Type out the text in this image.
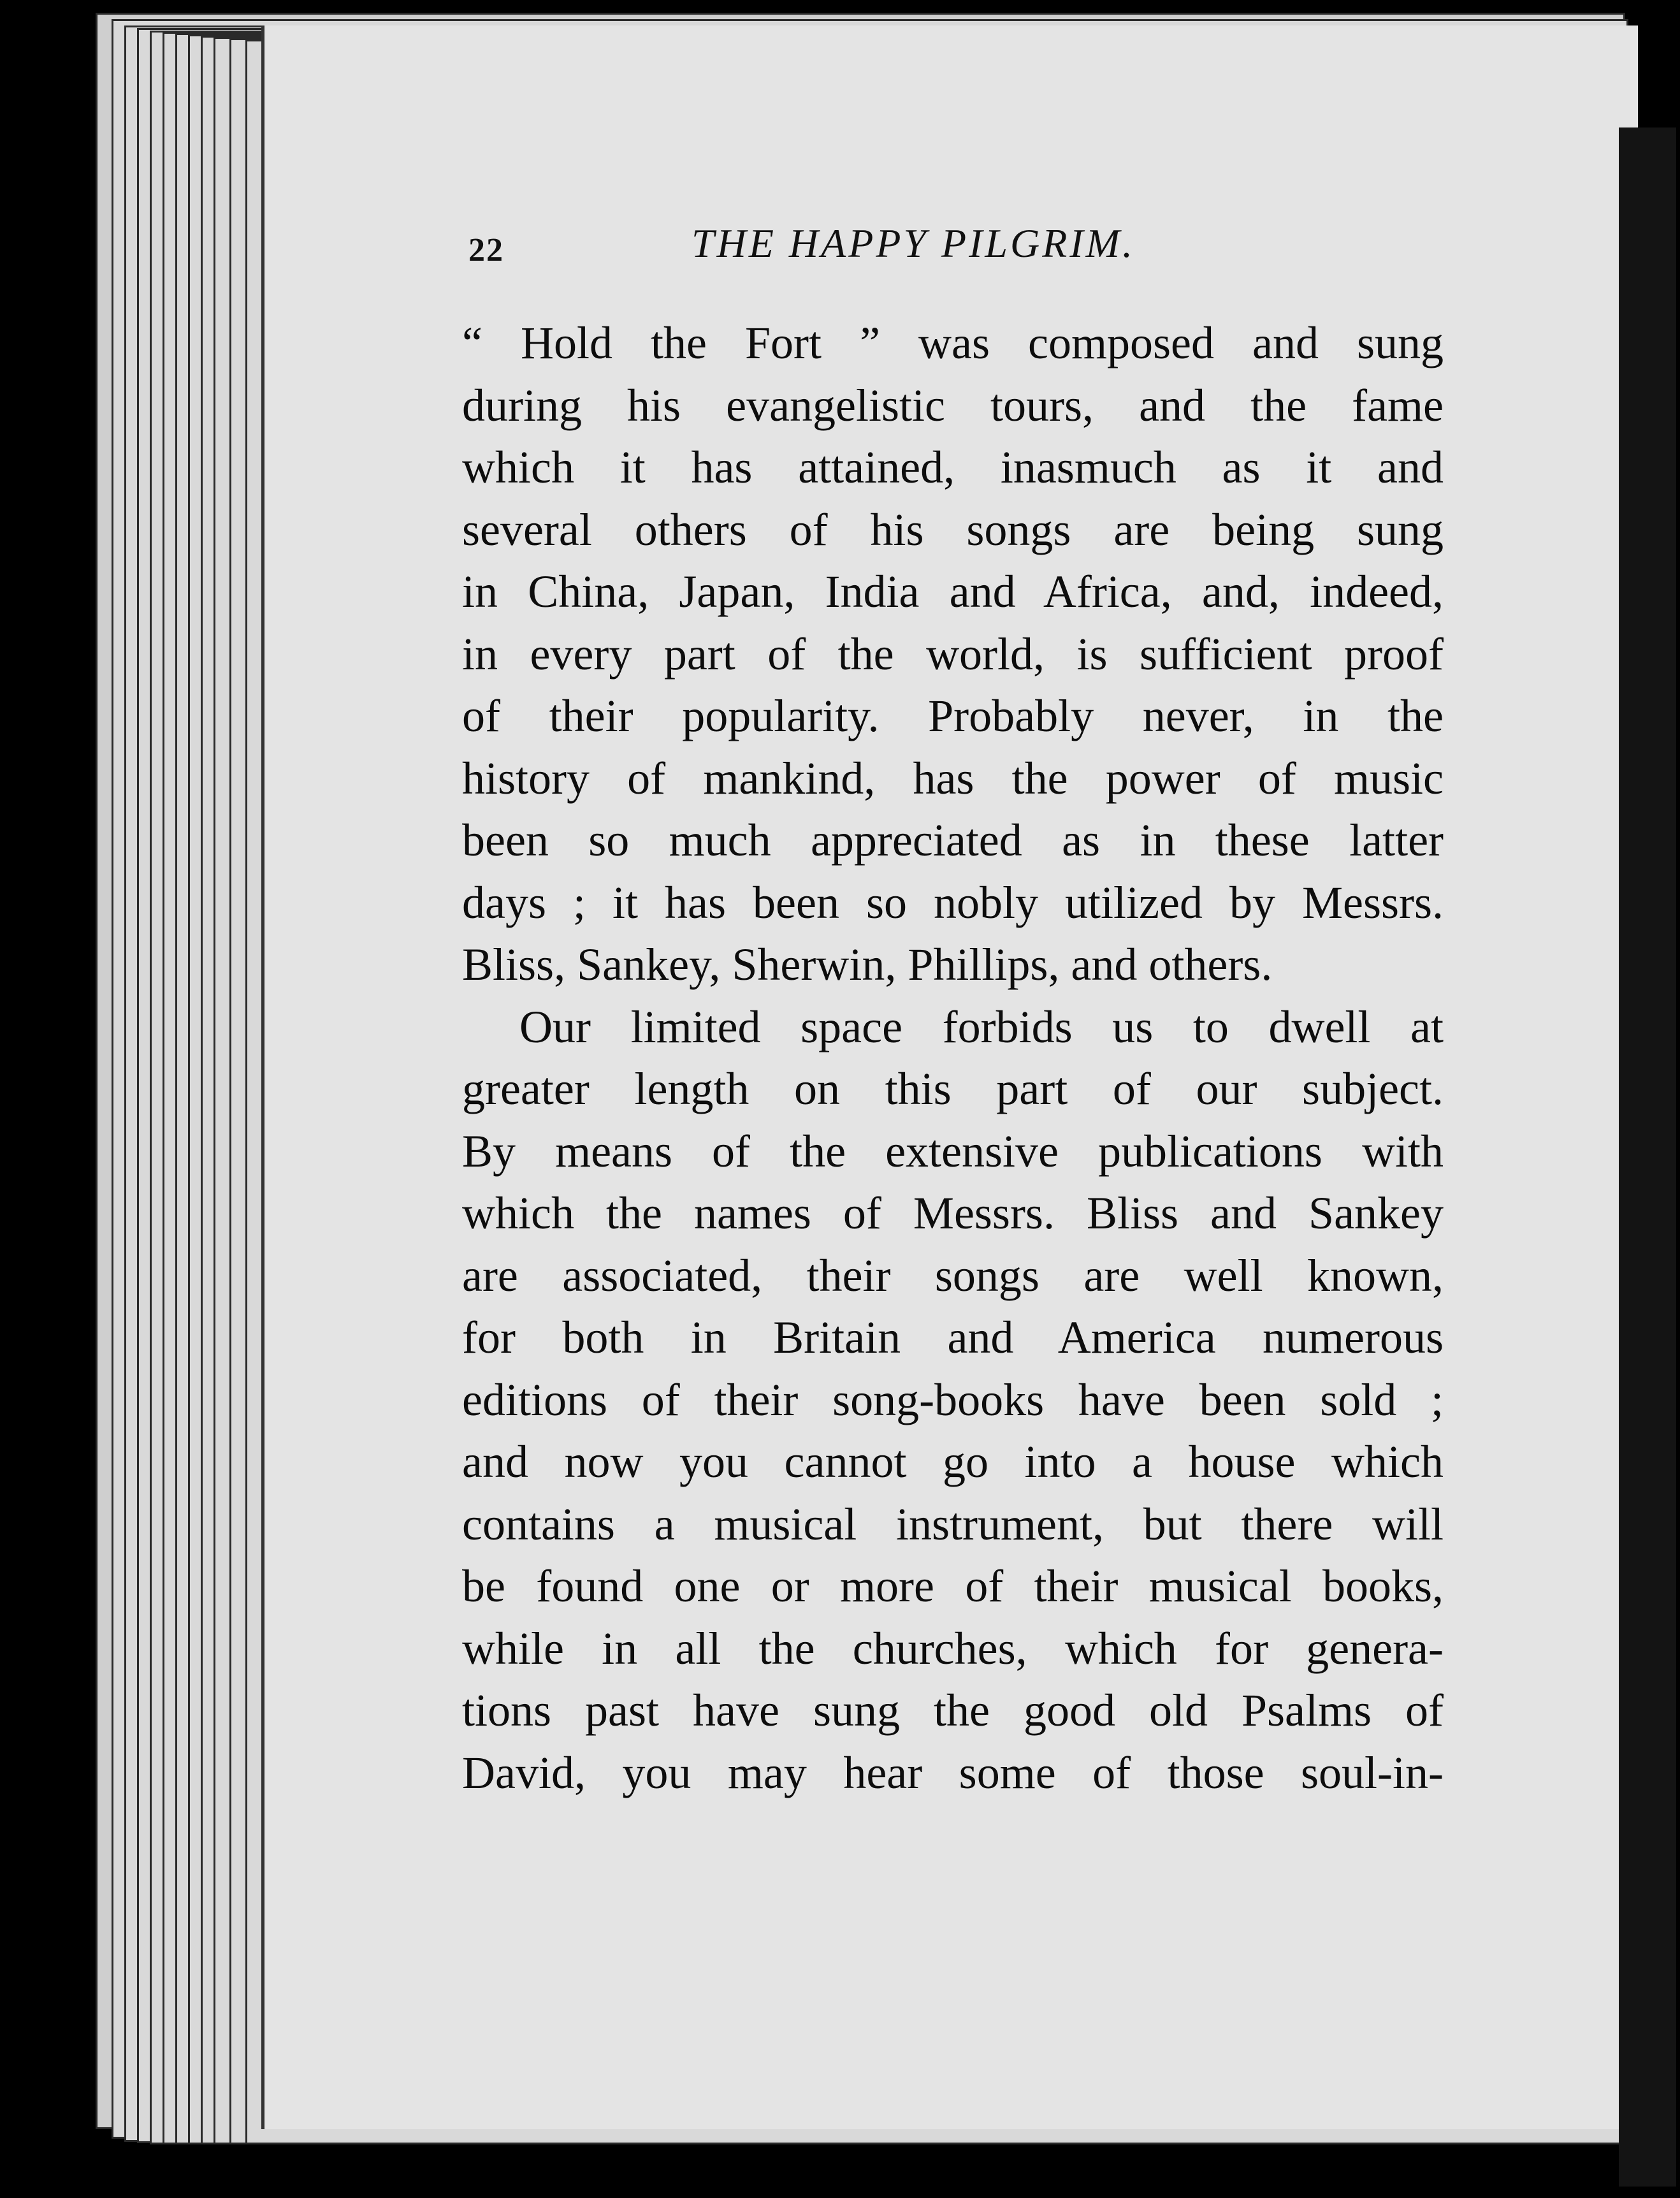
22	THE HAPPY PILGRIM.
“ Hold the Fort ” was composed and sung
during his evangelistic tours, and the fame
which it has attained, inasmuch as it and
several others of his songs are being sung
in China, Japan, India and Africa, and, indeed,
in every part of the world, is sufficient proof
of their popularity. Probably never, in the
history of mankind, has the power of music
been so much appreciated as in these latter
days ; it has been so nobly utilized by Messrs.
Bliss, Sankey, Sherwin, Phillips, and others.
Our limited space forbids us to dwell at
greater length on this part of our subject.
By means of the extensive publications with
which the names of Messrs. Bliss and Sankey
are associated, their songs are well known,
for both in Britain and America numerous
editions of their song-books have been sold ;
and now you cannot go into a house which
contains a musical instrument, but there will
be found one or more of their musical books,
while in all the churches, which for genera-
tions past have sung the good old Psalms of
David, you may hear some of those soul-in-
